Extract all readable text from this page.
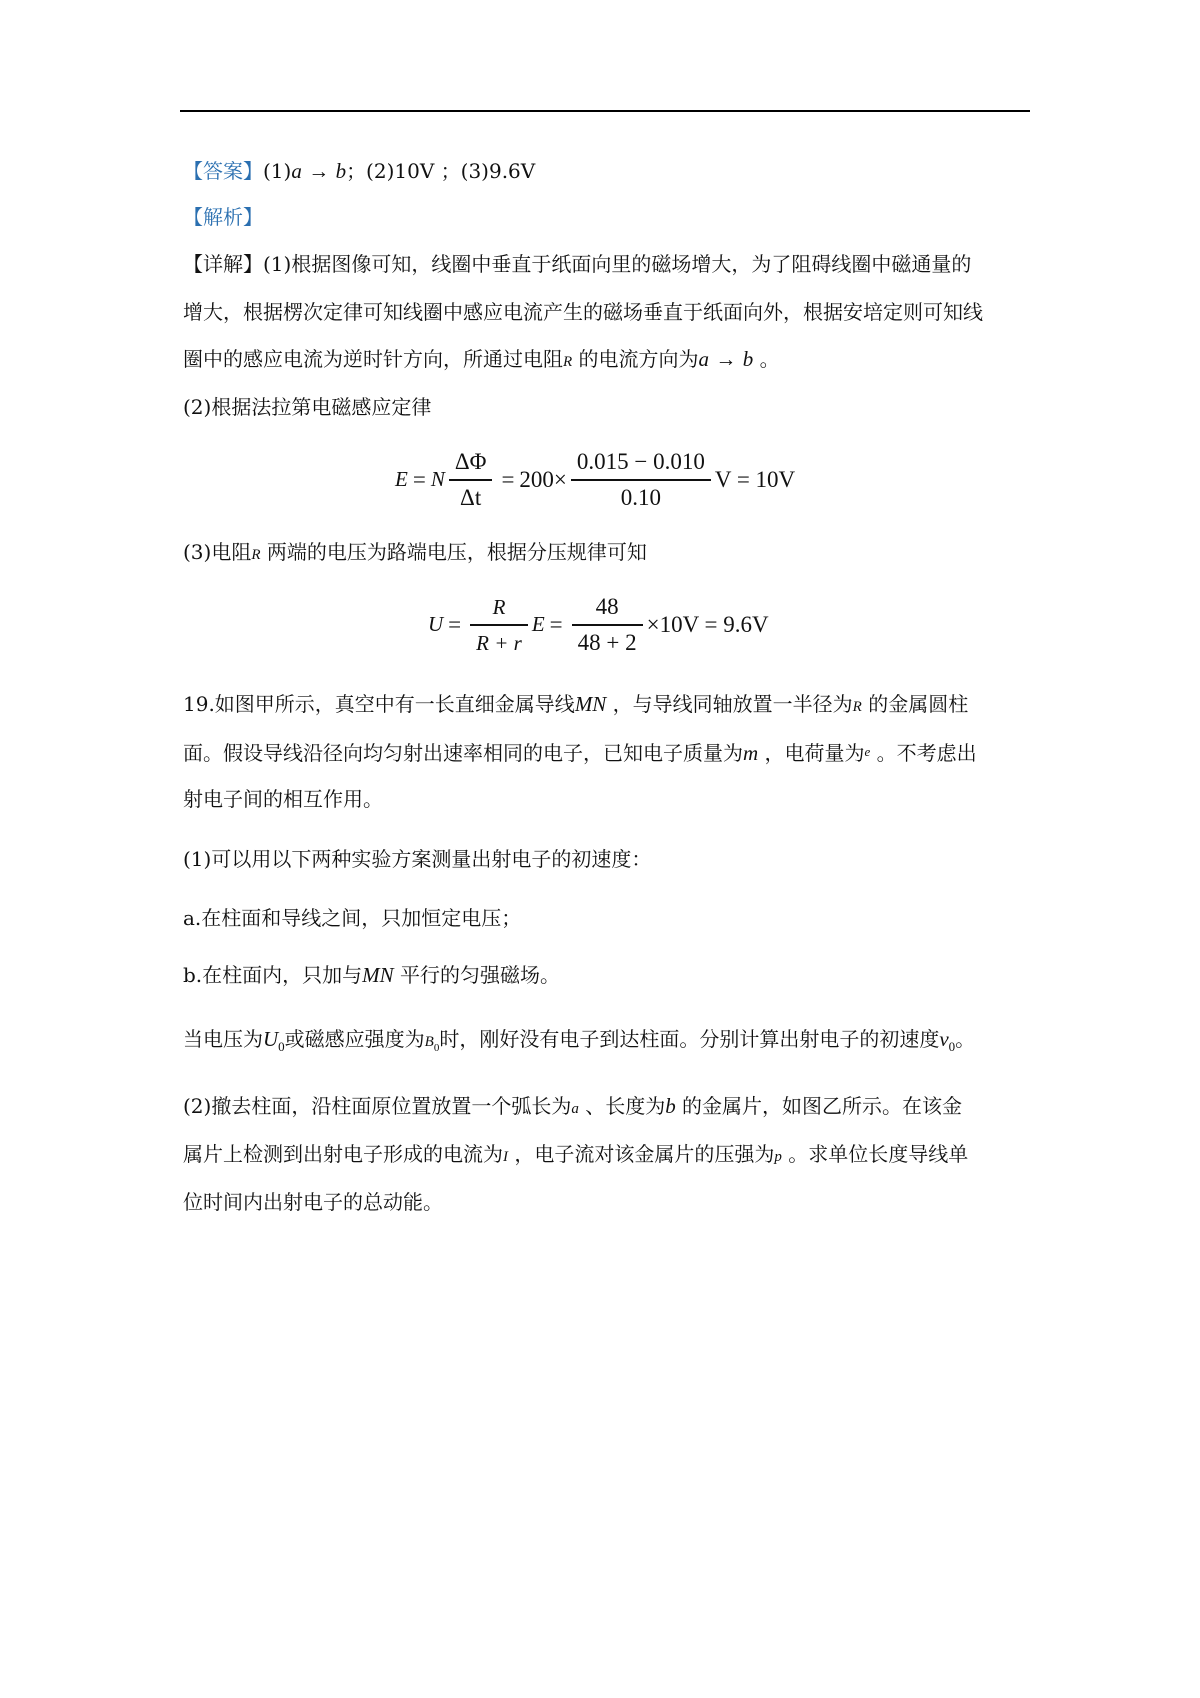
【答案】(1)a → b；(2)10V ；(3)9.6V
【解析】
【详解】(1)根据图像可知，线圈中垂直于纸面向里的磁场增大，为了阻碍线圈中磁通量的
增大，根据楞次定律可知线圈中感应电流产生的磁场垂直于纸面向外，根据安培定则可知线
圈中的感应电流为逆时针方向，所通过电阻R 的电流方向为a → b 。
(2)根据法拉第电磁感应定律
E = N $\frac{\Delta\Phi}{\Delta t} = 200 \times \frac{0.015 - 0.010}{0.10}$ V = 10V
(3)电阻R 两端的电压为路端电压，根据分压规律可知
$U = \frac{R}{R + r}$ $E = \frac{48}{48 + 2} \times 10V = 9.6V$
19.如图甲所示，真空中有一长直细金属导线MN ，与导线同轴放置一半径为R 的金属圆柱
面。假设导线沿径向均匀射出速率相同的电子，已知电子质量为m ，电荷量为$^e$ 。不考虑出
射电子间的相互作用。
(1)可以用以下两种实验方案测量出射电子的初速度：
a.在柱面和导线之间，只加恒定电压；
b.在柱面内，只加与MN 平行的匀强磁场。
当电压为$U_0$或磁感应强度为$B_0$时，刚好没有电子到达柱面。分别计算出射电子的初速度$v_0$。
(2)撤去柱面，沿柱面原位置放置一个弧长为a 、长度为b 的金属片，如图乙所示。在该金
属片上检测到出射电子形成的电流为I ，电子流对该金属片的压强为p 。求单位长度导线单
位时间内出射电子的总动能。
